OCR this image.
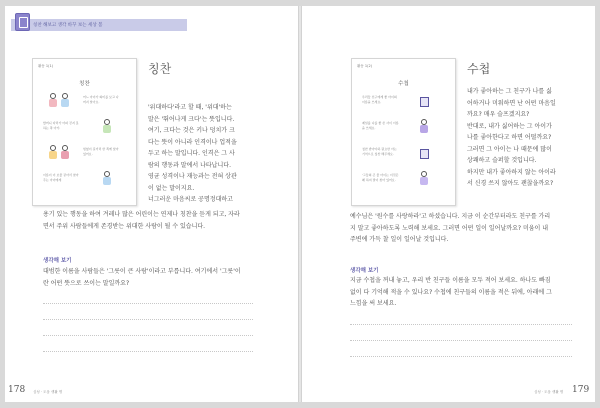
칭찬 해보고 생각 바꾸 보는 세상 봄
활동 1(1)
칭찬
어느 아이가 의미를 보고 나머지 알아요.
할머니 다리가 아파 걷지 못하는 쪽 아가.
힘없이 길거리 한 쪽에 앉아 있어요.
이름이 이 보물 같아서 찾아 주는 아이에게
칭찬
'위대하다'라고 할 때, '위대'하는
말은 '뛰어나게 크다'는 뜻입니다.
여기, 크다는 것은 키나 덩치가 크
다는 뜻이 아니라 인격이나 업적을
두고 하는 말입니다. 인격은 그 사
람의 행동과 말에서 나타납니다.
영균 성격이나 재능과는 전혀 상관
이 없는 말이지요.
너그러운 마음씨로 공명정대하고
용기 있는 행동을 하여 겨레나 많은 어린이는 연제나 칭찬을 듣게 되고, 자라
면서 주위 사람들에게 존경받는 위대한 사람이 될 수 있습니다.
생각해 보기
대범한 이름을 사람들은 '그릇이 큰 사람'이라고 부릅니다. 여기에서 '그릇'이
란 어떤 뜻으로 쓰이는 말일까요?
178 심성 · 도움 생활 명
활동 1(2)
수첩
우리들 친구에게 좋 아이의 이름을 쓰세요.
제일를 나를 좋 쓴 사이 이름을 쓰세요.
칭찬 받아야하 필요한 아는 기억으로 칭찬 해주세요.
'그들의 큰 물 아이는 이것은 왜 하여 말이 찾아 있어요.
수첩
내가 좋아하는 그 친구가 나를 싫
어하거나 미워하면 난 어떤 마음일
까요? 매우 슬프겠지요?
반대로, 내가 싫어하는 그 아이가
나를 좋아한다고 하면 어떨까요?
그러면 그 아이는 나 때문에 많이
상쾌하고 슬퍼할 것입니다.
하지만 내가 좋아하지 않는 아이라
서 신경 쓰지 않아도 괜찮을까요?
예수님은 '원수를 사랑하라'고 하셨습니다. 지금 이 순간부터라도 친구를 가리
지 말고 좋아하도록 노력해 보세요. 그러면 어떤 일이 일어날까요? 미움이 내
주변에 가득 찰 일이 일어날 것입니다.
생각해 보기
지금 수첩을 꺼내 놓고, 우리 반 친구들 이름을 모두 적어 보세요. 하나도 빠짐
없이 다 기억해 적을 수 있나요? 수첩에 친구들의 이름을 적은 뒤에, 아래에 그
느낌을 써 보세요.
심성 · 도움 생활 명 179
